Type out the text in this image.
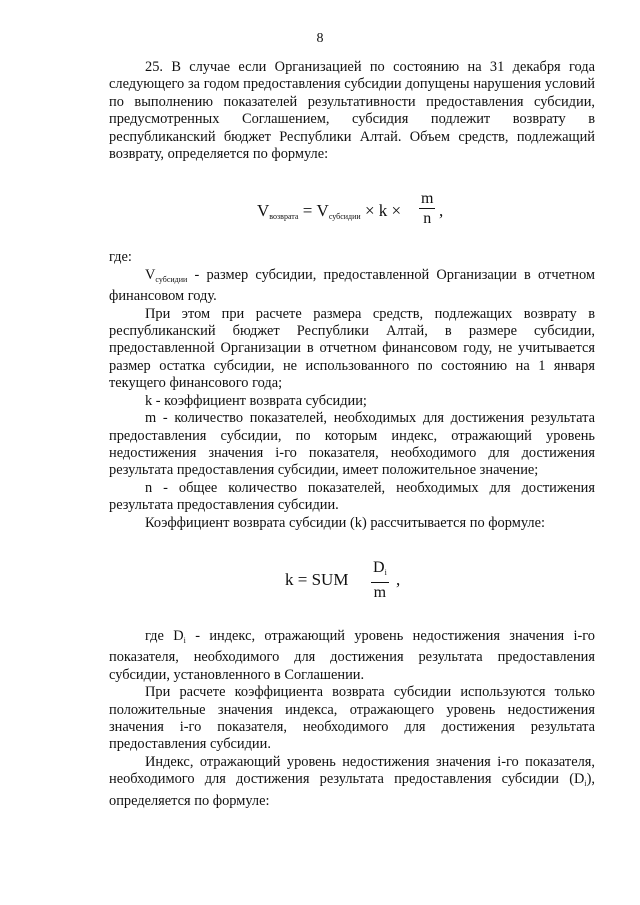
8

25. В случае если Организацией по состоянию на 31 декабря года следующего за годом предоставления субсидии допущены нарушения условий по выполнению показателей результативности предоставления субсидии, предусмотренных Соглашением, субсидия подлежит возврату в республиканский бюджет Республики Алтай. Объем средств, подлежащий возврату, определяется по формуле:

$V_{возврата} = V_{субсидии} \times k$ ×
m
n ,

где:

$V_{субсидии}$ - размер субсидии, предоставленной Организации в отчетном финансовом году.

При этом при расчете размера средств, подлежащих возврату в республиканский бюджет Республики Алтай, в размере субсидии, предоставленной Организации в отчетном финансовом году, не учитывается размер остатка субсидии, не использованного по состоянию на 1 января текущего финансового года;

k - коэффициент возврата субсидии;

m - количество показателей, необходимых для достижения результата предоставления субсидии, по которым индекс, отражающий уровень недостижения значения i-го показателя, необходимого для достижения результата предоставления субсидии, имеет положительное значение;

n - общее количество показателей, необходимых для достижения результата предоставления субсидии.

Коэффициент возврата субсидии (k) рассчитывается по формуле:

k = SUM
$D_i$
m
,

где $D_i$ - индекс, отражающий уровень недостижения значения i-го показателя, необходимого для достижения результата предоставления субсидии, установленного в Соглашении.

При расчете коэффициента возврата субсидии используются только положительные значения индекса, отражающего уровень недостижения значения i-го показателя, необходимого для достижения результата предоставления субсидии.

Индекс, отражающий уровень недостижения значения i-го показателя, необходимого для достижения результата предоставления субсидии $(D_i)$, определяется по формуле:
